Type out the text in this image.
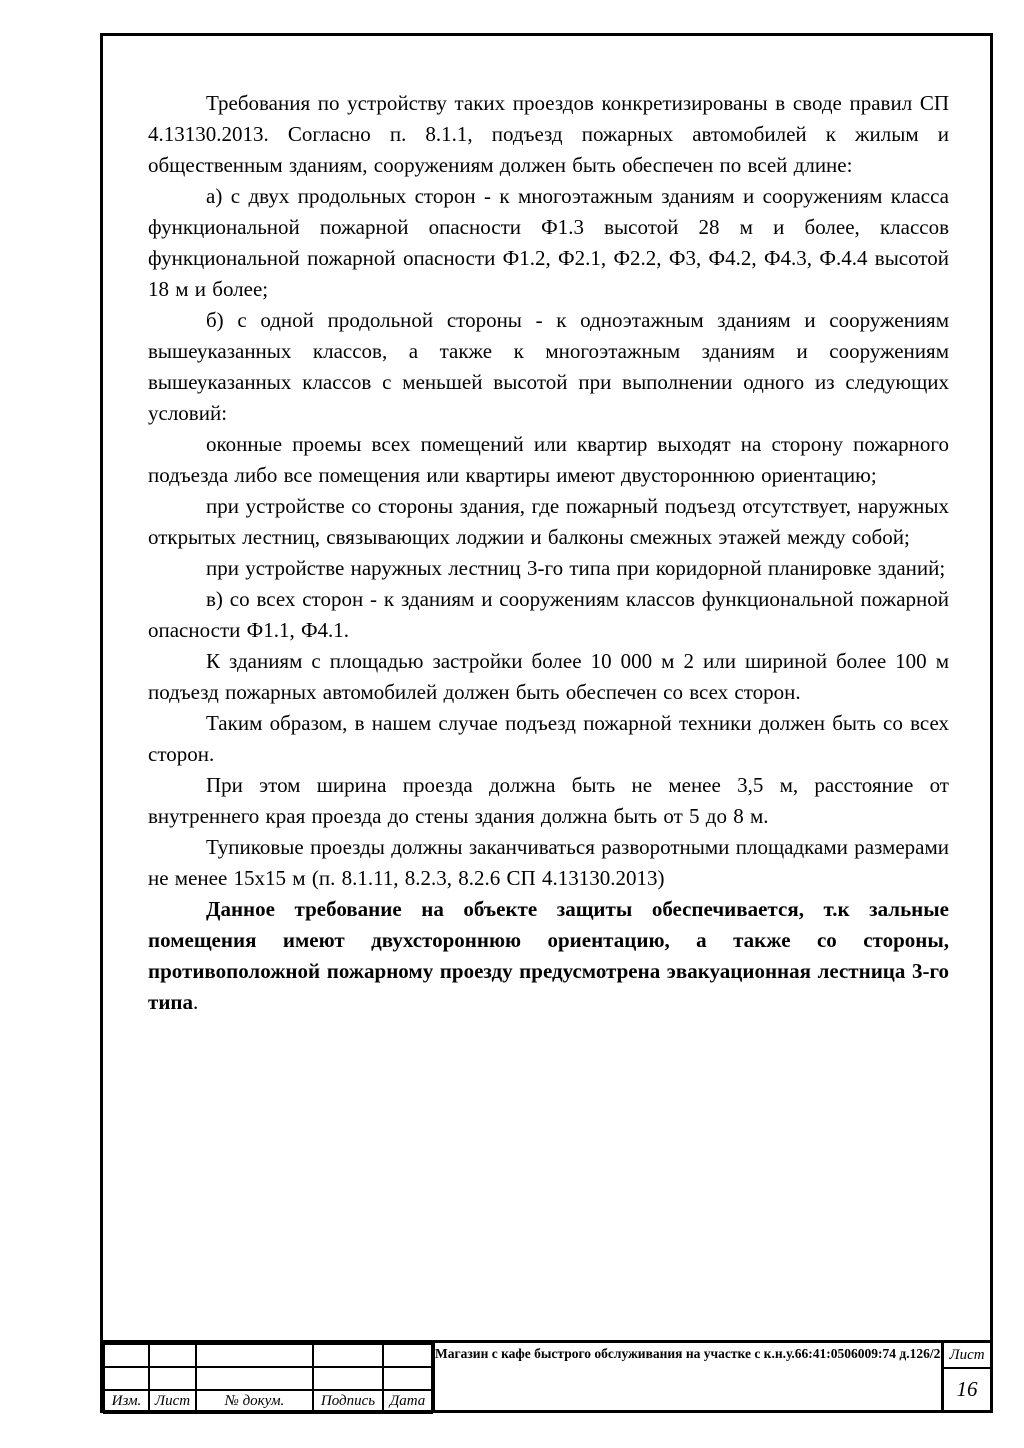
Требования по устройству таких проездов конкретизированы в своде правил СП 4.13130.2013. Согласно п. 8.1.1, подъезд пожарных автомобилей к жилым и общественным зданиям, сооружениям должен быть обеспечен по всей длине:

а) с двух продольных сторон - к многоэтажным зданиям и сооружениям класса функциональной пожарной опасности Ф1.3 высотой 28 м и более, классов функциональной пожарной опасности Ф1.2, Ф2.1, Ф2.2, Ф3, Ф4.2, Ф4.3, Ф.4.4 высотой 18 м и более;

б) с одной продольной стороны - к одноэтажным зданиям и сооружениям вышеуказанных классов, а также к многоэтажным зданиям и сооружениям вышеуказанных классов с меньшей высотой при выполнении одного из следующих условий:

оконные проемы всех помещений или квартир выходят на сторону пожарного подъезда либо все помещения или квартиры имеют двустороннюю ориентацию;

при устройстве со стороны здания, где пожарный подъезд отсутствует, наружных открытых лестниц, связывающих лоджии и балконы смежных этажей между собой;

при устройстве наружных лестниц 3-го типа при коридорной планировке зданий;

в) со всех сторон - к зданиям и сооружениям классов функциональной пожарной опасности Ф1.1, Ф4.1.

К зданиям с площадью застройки более 10 000 м 2 или шириной более 100 м подъезд пожарных автомобилей должен быть обеспечен со всех сторон.

Таким образом, в нашем случае подъезд пожарной техники должен быть со всех сторон.

При этом ширина проезда должна быть не менее 3,5 м, расстояние от внутреннего края проезда до стены здания должна быть от 5 до 8 м.

Тупиковые проезды должны заканчиваться разворотными площадками размерами не менее 15х15 м (п. 8.1.11, 8.2.3, 8.2.6 СП 4.13130.2013)

Данное требование на объекте защиты обеспечивается, т.к зальные помещения имеют двухстороннюю ориентацию, а также со стороны, противоположной пожарному проезду предусмотрена эвакуационная лестница 3-го типа.

Изм.	Лист	№ докум.	Подпись	Дата
Магазин с кафе быстрого обслуживания на участке с к.н.у.66:41:0506009:74 д.126/2 Лист
16
